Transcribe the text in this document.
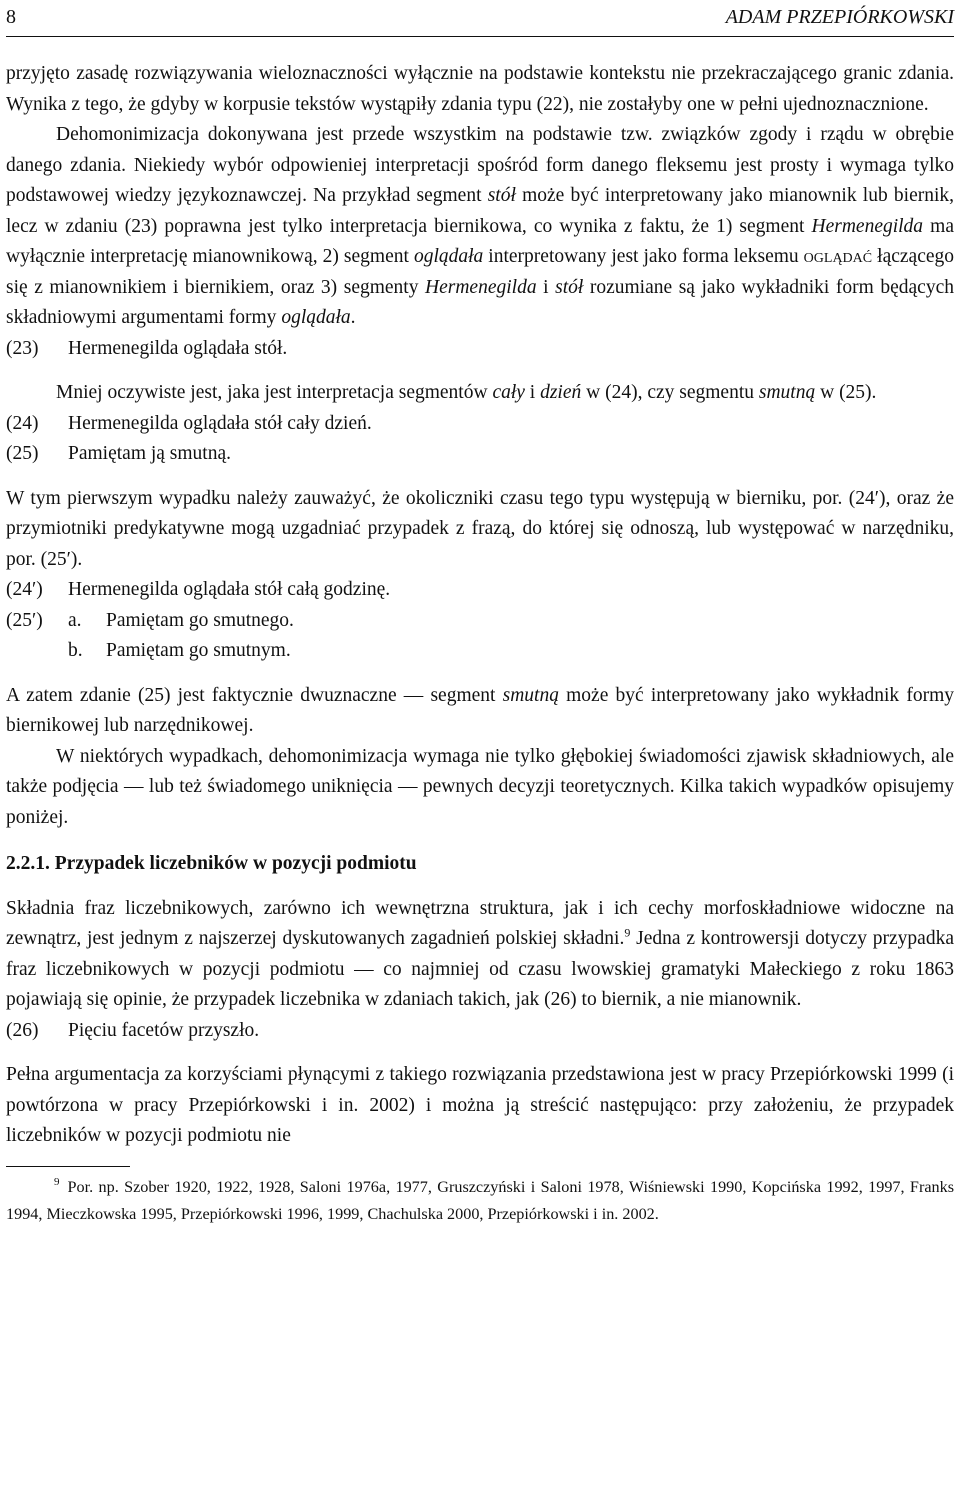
8	ADAM PRZEPIÓRKOWSKI

przyjęto zasadę rozwiązywania wieloznaczności wyłącznie na podstawie kontekstu nie przekraczającego granic zdania. Wynika z tego, że gdyby w korpusie tekstów wystąpiły zdania typu (22), nie zostałyby one w pełni ujednoznacznione.

Dehomonimizacja dokonywana jest przede wszystkim na podstawie tzw. związków zgody i rządu w obrębie danego zdania. Niekiedy wybór odpowieniej interpretacji spośród form danego fleksemu jest prosty i wymaga tylko podstawowej wiedzy językoznawczej. Na przykład segment stół może być interpretowany jako mianownik lub biernik, lecz w zdaniu (23) poprawna jest tylko interpretacja biernikowa, co wynika z faktu, że 1) segment Hermenegilda ma wyłącznie interpretację mianownikową, 2) segment oglądała interpretowany jest jako forma leksemu oglądać łączącego się z mianownikiem i biernikiem, oraz 3) segmenty Hermenegilda i stół rozumiane są jako wykładniki form będących składniowymi argumentami formy oglądała.

(23)	Hermenegilda oglądała stół.

Mniej oczywiste jest, jaka jest interpretacja segmentów cały i dzień w (24), czy segmentu smutną w (25).

(24)	Hermenegilda oglądała stół cały dzień.
(25)	Pamiętam ją smutną.

W tym pierwszym wypadku należy zauważyć, że okoliczniki czasu tego typu występują w bierniku, por. (24′), oraz że przymiotniki predykatywne mogą uzgadniać przypadek z frazą, do której się odnoszą, lub występować w narzędniku, por. (25′).

(24′)	Hermenegilda oglądała stół całą godzinę.
(25′)	a.	Pamiętam go smutnego.
b.	Pamiętam go smutnym.

A zatem zdanie (25) jest faktycznie dwuznaczne — segment smutną może być interpretowany jako wykładnik formy biernikowej lub narzędnikowej.

W niektórych wypadkach, dehomonimizacja wymaga nie tylko głębokiej świadomości zjawisk składniowych, ale także podjęcia — lub też świadomego uniknięcia — pewnych decyzji teoretycznych. Kilka takich wypadków opisujemy poniżej.

2.2.1. Przypadek liczebników w pozycji podmiotu

Składnia fraz liczebnikowych, zarówno ich wewnętrzna struktura, jak i ich cechy morfoskładniowe widoczne na zewnątrz, jest jednym z najszerzej dyskutowanych zagadnień polskiej składni.$^9$ Jedna z kontrowersji dotyczy przypadka fraz liczebnikowych w pozycji podmiotu — co najmniej od czasu lwowskiej gramatyki Małeckiego z roku 1863 pojawiają się opinie, że przypadek liczebnika w zdaniach takich, jak (26) to biernik, a nie mianownik.

(26)	Pięciu facetów przyszło.

Pełna argumentacja za korzyściami płynącymi z takiego rozwiązania przedstawiona jest w pracy Przepiórkowski 1999 (i powtórzona w pracy Przepiórkowski i in. 2002) i można ją streścić następująco: przy założeniu, że przypadek liczebników w pozycji podmiotu nie

$^9$ Por. np. Szober 1920, 1922, 1928, Saloni 1976a, 1977, Gruszczyński i Saloni 1978, Wiśniewski 1990, Kopcińska 1992, 1997, Franks 1994, Mieczkowska 1995, Przepiórkowski 1996, 1999, Chachulska 2000, Przepiórkowski i in. 2002.
